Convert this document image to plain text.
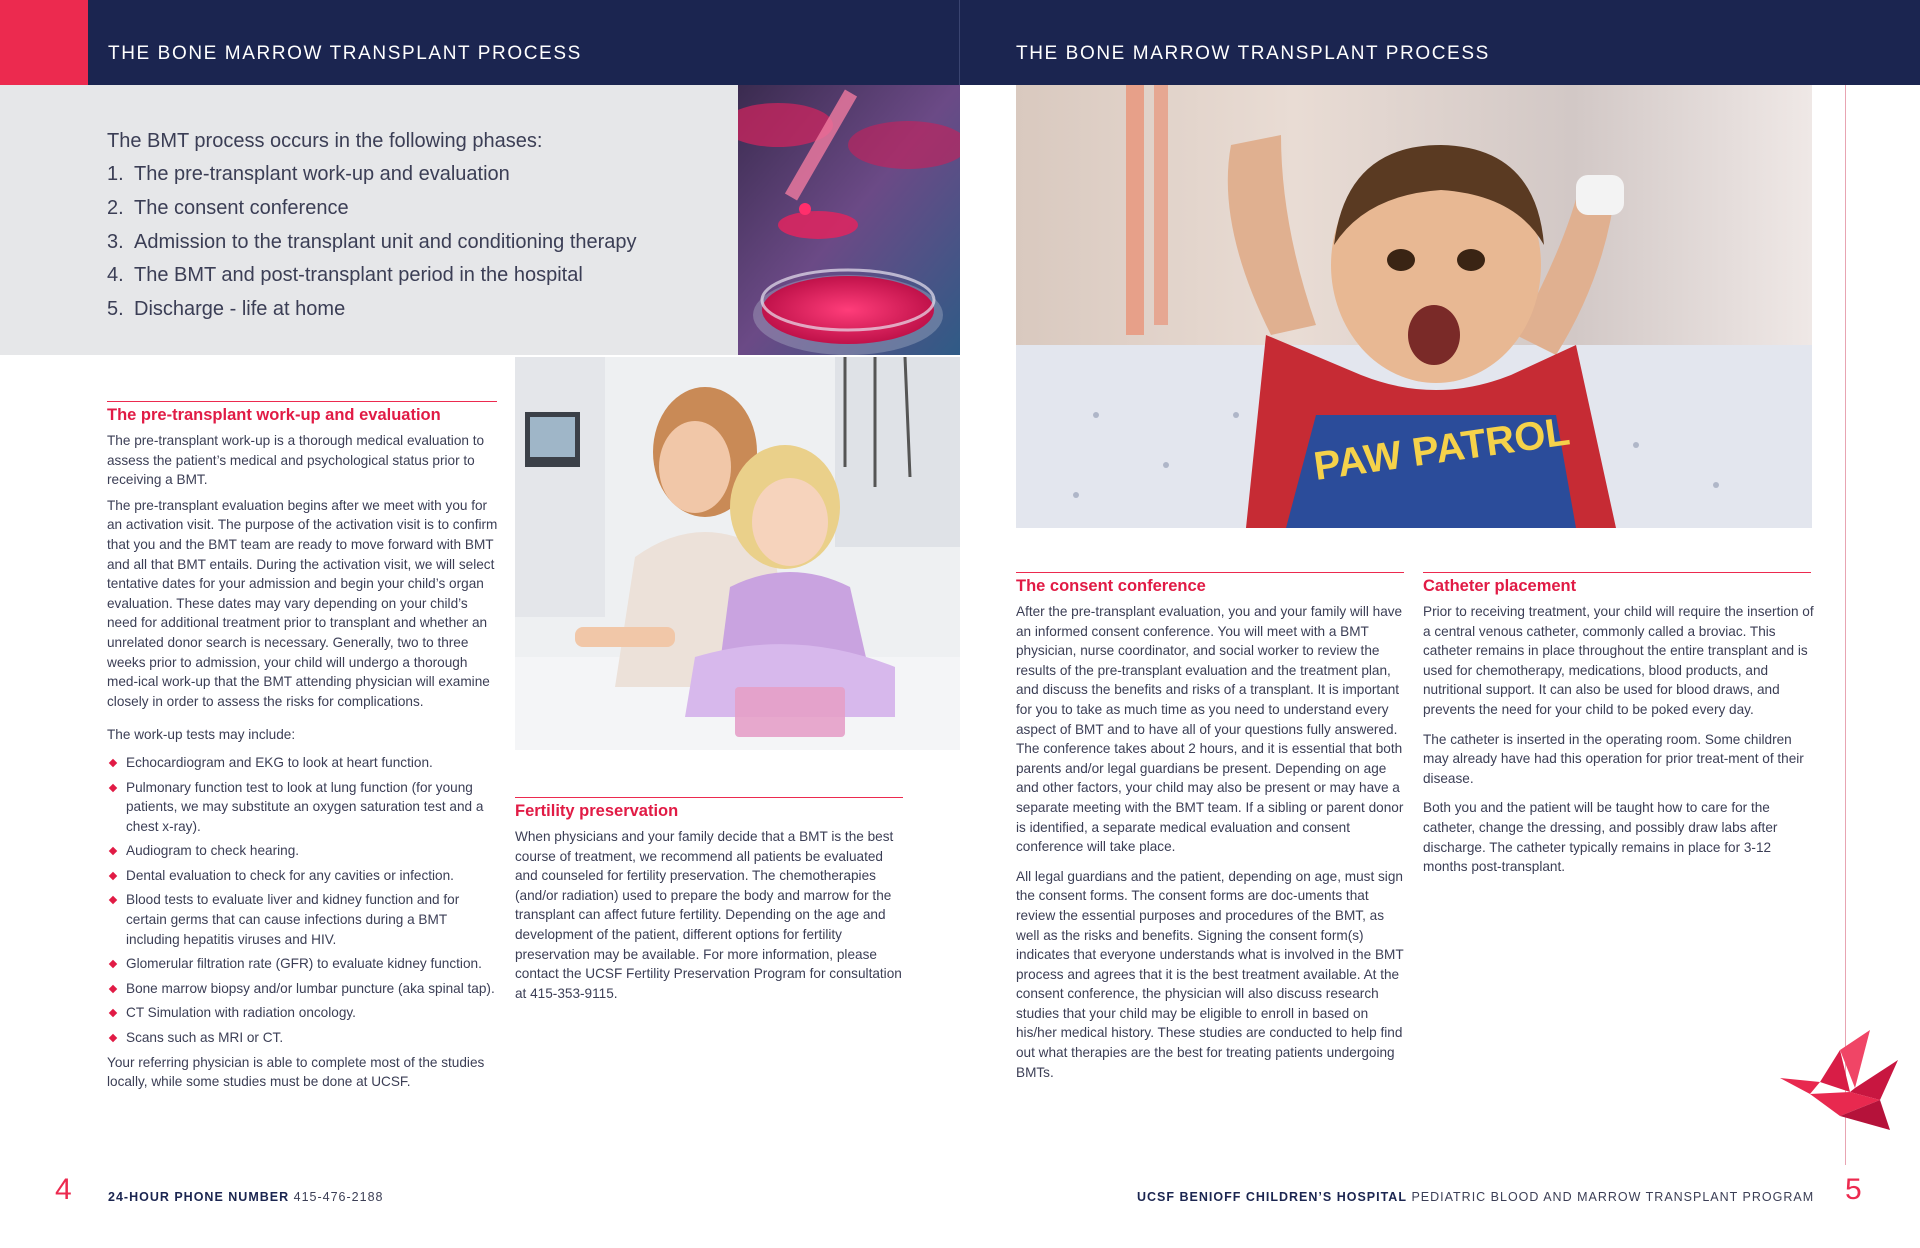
THE BONE MARROW TRANSPLANT PROCESS	THE BONE MARROW TRANSPLANT PROCESS
The BMT process occurs in the following phases:
1. The pre-transplant work-up and evaluation
2. The consent conference
3. Admission to the transplant unit and conditioning therapy
4. The BMT and post-transplant period in the hospital
5. Discharge - life at home
PAW PATROL
The pre-transplant work-up and evaluation

The pre-transplant work-up is a thorough medical evaluation to assess the patient’s medical and psychological status prior to receiving a BMT.

The pre-transplant evaluation begins after we meet with you for an activation visit. The purpose of the activation visit is to confirm that you and the BMT team are ready to move forward with BMT and all that BMT entails. During the activation visit, we will select tentative dates for your admission and begin your child’s organ evaluation. These dates may vary depending on your child’s need for additional treatment prior to transplant and whether an unrelated donor search is necessary. Generally, two to three weeks prior to admission, your child will undergo a thorough med-ical work-up that the BMT attending physician will examine closely in order to assess the risks for complications.

The work-up tests may include:

Echocardiogram and EKG to look at heart function.
Pulmonary function test to look at lung function (for young patients, we may substitute an oxygen saturation test and a chest x-ray).
Audiogram to check hearing.
Dental evaluation to check for any cavities or infection.
Blood tests to evaluate liver and kidney function and for certain germs that can cause infections during a BMT including hepatitis viruses and HIV.
Glomerular filtration rate (GFR) to evaluate kidney function.
Bone marrow biopsy and/or lumbar puncture (aka spinal tap).
CT Simulation with radiation oncology.
Scans such as MRI or CT.

Your referring physician is able to complete most of the studies locally, while some studies must be done at UCSF.

Fertility preservation
When physicians and your family decide that a BMT is the best course of treatment, we recommend all patients be evaluated and counseled for fertility preservation. The chemotherapies (and/or radiation) used to prepare the body and marrow for the transplant can affect future fertility. Depending on the age and development of the patient, different options for fertility preservation may be available. For more information, please contact the UCSF Fertility Preservation Program for consultation at 415-353-9115.
The consent conference

After the pre-transplant evaluation, you and your family will have an informed consent conference. You will meet with a BMT physician, nurse coordinator, and social worker to review the results of the pre-transplant evaluation and the treatment plan, and discuss the benefits and risks of a transplant. It is important for you to take as much time as you need to understand every aspect of BMT and to have all of your questions fully answered. The conference takes about 2 hours, and it is essential that both parents and/or legal guardians be present. Depending on age and other factors, your child may also be present or may have a separate meeting with the BMT team. If a sibling or parent donor is identified, a separate medical evaluation and consent conference will take place.

All legal guardians and the patient, depending on age, must sign the consent forms. The consent forms are doc-uments that review the essential purposes and procedures of the BMT, as well as the risks and benefits. Signing the consent form(s) indicates that everyone understands what is involved in the BMT process and agrees that it is the best treatment available. At the consent conference, the physician will also discuss research studies that your child may be eligible to enroll in based on his/her medical history. These studies are conducted to help find out what therapies are the best for treating patients undergoing BMTs.

Catheter placement

Prior to receiving treatment, your child will require the insertion of a central venous catheter, commonly called a broviac. This catheter remains in place throughout the entire transplant and is used for chemotherapy, medications, blood products, and nutritional support. It can also be used for blood draws, and prevents the need for your child to be poked every day.

The catheter is inserted in the operating room. Some children may already have had this operation for prior treat-ment of their disease.

Both you and the patient will be taught how to care for the catheter, change the dressing, and possibly draw labs after discharge. The catheter typically remains in place for 3-12 months post-transplant.

4	24-HOUR PHONE NUMBER 415-476-2188	UCSF BENIOFF CHILDREN’S HOSPITAL PEDIATRIC BLOOD AND MARROW TRANSPLANT PROGRAM 5
